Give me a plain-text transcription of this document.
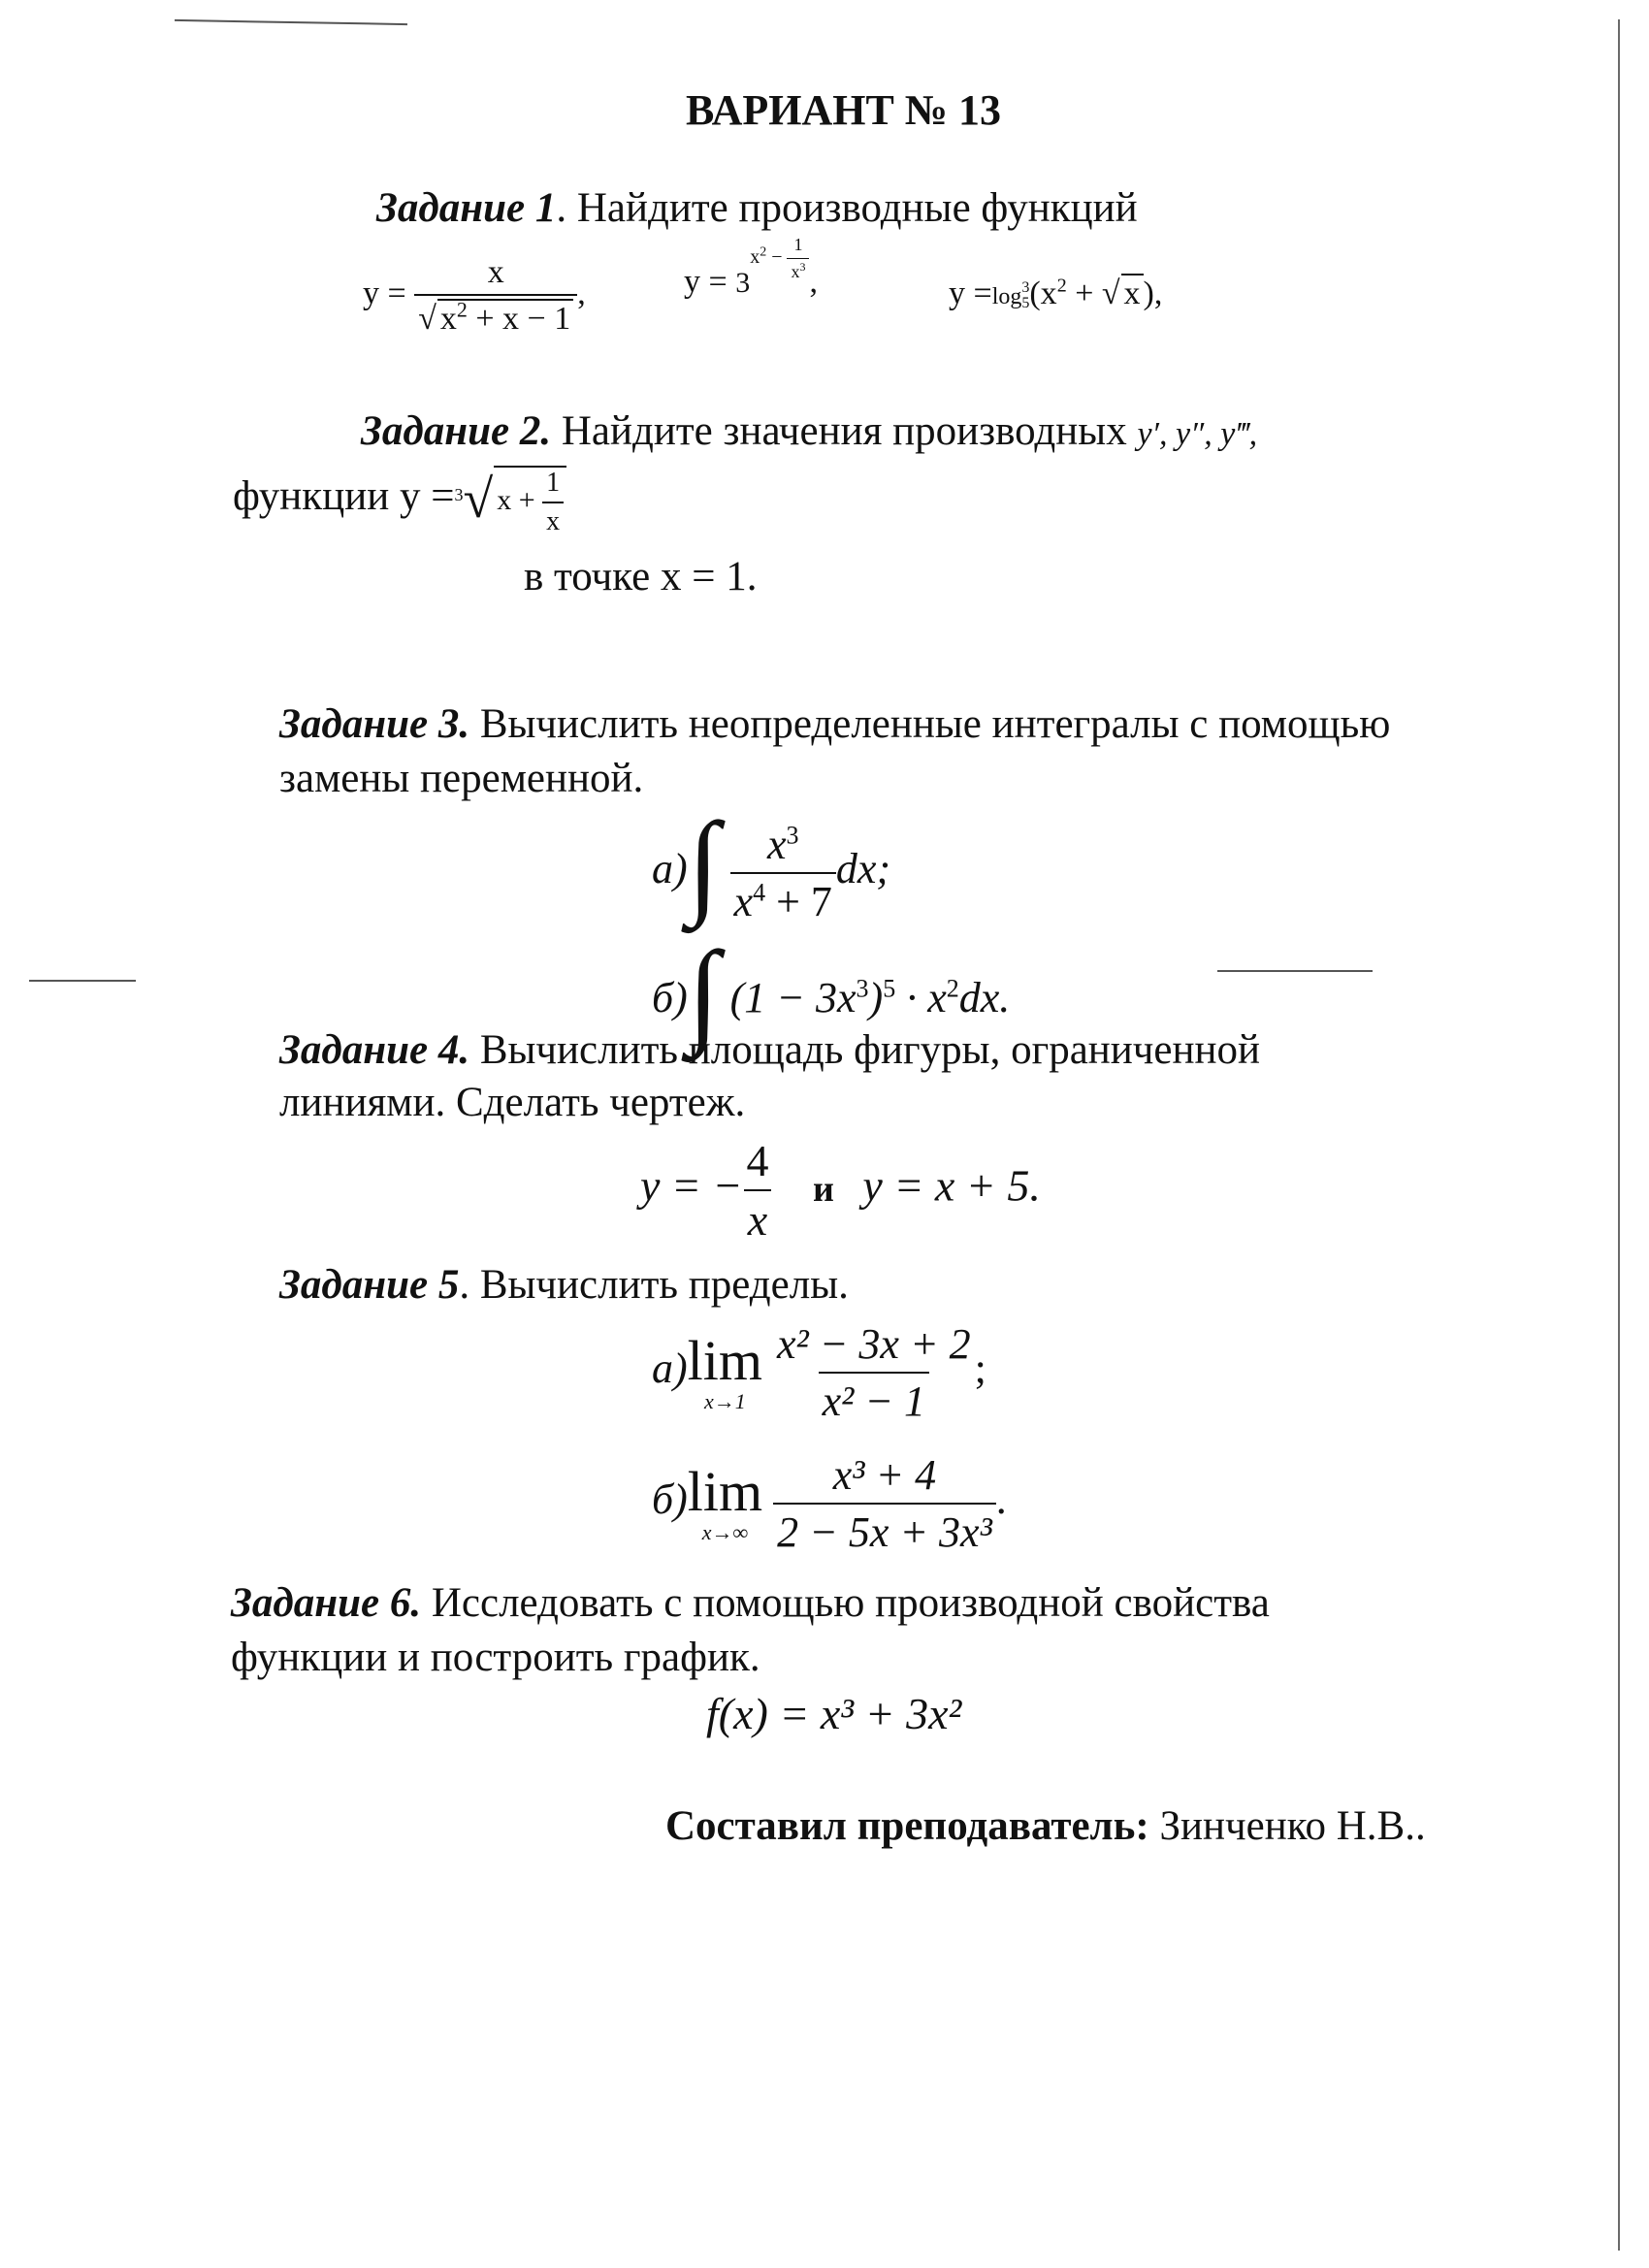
ВАРИАНТ № 13
Задание 1. Найдите производные функций
$y = \frac{x}{√ x^2 + x - 1}$ ,	$y = 3^{x^2 - \frac{1}{x^3}}$ ,	y =log 3
5 ($x^2$ + √ x),
Задание 2. Найдите значения производных y′, y″, y‴,
функции y =$^3$√ $x + \frac{1}{x}$
в точке x = 1.
Задание 3. Вычислить неопределенные интегралы с помощью
замены переменной.
$а)\int \frac{x^3}{x^4 + 7}$ dx;
б)∫ $(1 - 3x^3)^5 \cdot x^2dx$.
Задание 4. Вычислить площадь фигуры, ограниченной
линиями. Сделать чертеж.
y = − $\frac{4}{x}$ и y = x + 5.
Задание 5. Вычислить пределы.
а) lim
x→1
$\frac{\text{x² − 3x + 2}}{\text{x² − 1}}$ ;
б) lim
x→∞
$\frac{\text{x³ + 4}}{\text{2 − 5x + 3x³}}$ .
Задание 6. Исследовать с помощью производной свойства
функции и построить график.
f(x) = x³ + 3x²
Составил преподаватель: Зинченко Н.В..
